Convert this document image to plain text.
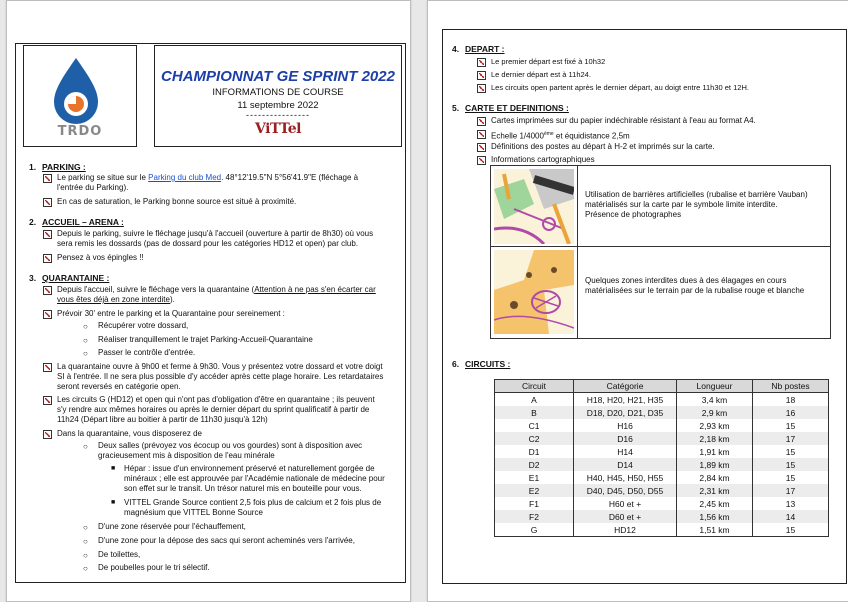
TRDO
CHAMPIONNAT GE SPRINT 2022
INFORMATIONS DE COURSE
11 septembre 2022
----------------
ViTTel
1. PARKING :
Le parking se situe sur le Parking du club Med. 48°12'19.5"N 5°56'41.9"E (fléchage à
l'entrée du Parking).
En cas de saturation, le Parking bonne source est situé à proximité.
2. ACCUEIL – ARENA :
Depuis le parking, suivre le fléchage jusqu'à l'accueil (ouverture à partir de 8h30) où vous
sera remis les dossards (pas de dossard pour les catégories HD12 et open) par club.
Pensez à vos épingles !!
3. QUARANTAINE :
Depuis l'accueil, suivre le fléchage vers la quarantaine (Attention à ne pas s'en écarter car
vous êtes déjà en zone interdite).
Prévoir 30' entre le parking et la Quarantaine pour sereinement :
○ Récupérer votre dossard,
○ Réaliser tranquillement le trajet Parking-Accueil-Quarantaine
○ Passer le contrôle d'entrée.
La quarantaine ouvre à 9h00 et ferme à 9h30. Vous y présentez votre dossard et votre doigt
SI à l'entrée. Il ne sera plus possible d'y accéder après cette plage horaire. Les retardataires
seront reversés en catégorie open.
Les circuits G (HD12) et open qui n'ont pas d'obligation d'être en quarantaine ; ils peuvent
s'y rendre aux mêmes horaires ou après le dernier départ du sprint qualificatif à partir de
11h24 (Départ libre au boitier à partir de 11h30 jusqu'à 12h)
Dans la quarantaine, vous disposerez de
○ Deux salles (prévoyez vos écocup ou vos gourdes) sont à disposition avec
gracieusement mis à disposition de l'eau minérale
■ Hépar : issue d'un environnement préservé et naturellement gorgée de
minéraux ; elle est approuvée par l'Académie nationale de médecine pour
son effet sur le transit. Un trésor naturel mis en bouteille pour vous.
■ VITTEL Grande Source contient 2,5 fois plus de calcium et 2 fois plus de
magnésium que VITTEL Bonne Source
○ D'une zone réservée pour l'échauffement,
○ D'une zone pour la dépose des sacs qui seront acheminés vers l'arrivée,
○ De toilettes,
○ De poubelles pour le tri sélectif.
4. DEPART :
Le premier départ est fixé à 10h32
Le dernier départ est à 11h24.
Les circuits open partent après le dernier départ, au doigt entre 11h30 et 12H.
5. CARTE ET DEFINITIONS :
Cartes imprimées sur du papier indéchirable résistant à l'eau au format A4.
Echelle 1/4000ème et équidistance 2,5m
Définitions des postes au départ à H-2 et imprimés sur la carte.
Informations cartographiques
Utilisation de barrières artificielles (rubalise et barrière Vauban)
matérialisés sur la carte par le symbole limite interdite.
Présence de photographes
Quelques zones interdites dues à des élagages en cours
matérialisées sur le terrain par de la rubalise rouge et blanche
6. CIRCUITS :
Circuit	Catégorie	Longueur	Nb postes
A	H18, H20, H21, H35	3,4 km	18
B	D18, D20, D21, D35	2,9 km	16
C1	H16	2,93 km	15
C2	D16	2,18 km	17
D1	H14	1,91 km	15
D2	D14	1,89 km	15
E1	H40, H45, H50, H55	2,84 km	15
E2	D40, D45, D50, D55	2,31 km	17
F1	H60 et +	2,45 km	13
F2	D60 et +	1,56 km	14
G	HD12	1,51 km	15
